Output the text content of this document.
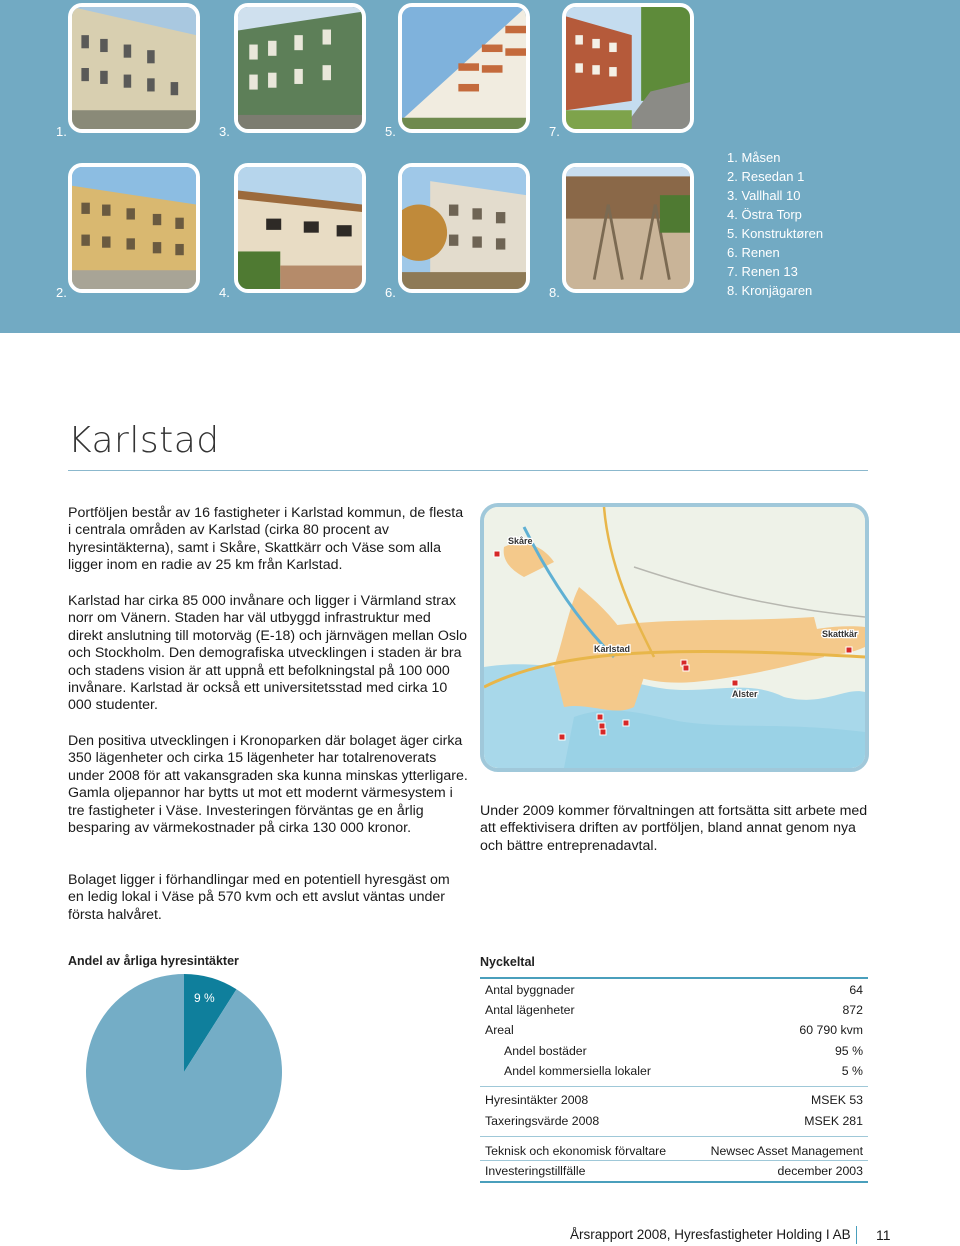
1.	3.	5.	7.
2.	4.	6.	8.
1. Måsen
2. Resedan 1
3. Vallhall 10
4. Östra Torp
5. Konstruktøren
6. Renen
7. Renen 13
8. Kronjägaren
Karlstad

Portföljen består av 16 fastigheter i Karlstad kommun, de flesta i centrala områden av Karlstad (cirka 80 procent av hyresintäkterna), samt i Skåre, Skattkärr och Väse som alla ligger inom en radie av 25 km från Karlstad.

Karlstad har cirka 85 000 invånare och ligger i Värmland strax norr om Vänern. Staden har väl utbyggd infrastruktur med direkt anslutning till motorväg (E-18) och järnvägen mellan Oslo och Stockholm. Den demografiska utvecklingen i staden är bra och stadens vision är att uppnå ett befolkningstal på 100 000 invånare. Karlstad är också ett universitetsstad med cirka 10 000 studenter.

Den positiva utvecklingen i Kronoparken där bolaget äger cirka 350 lägenheter och cirka 15 lägenheter har totalrenoverats under 2008 för att vakansgraden ska kunna minskas ytterligare. Gamla oljepannor har bytts ut mot ett modernt värmesystem i tre fastigheter i Väse. Investeringen förväntas ge en årlig besparing av värmekostnader på cirka 130 000 kronor.

Bolaget ligger i förhandlingar med en potentiell hyresgäst om en ledig lokal i Väse på 570 kvm och ett avslut väntas under första halvåret.

Under 2009 kommer förvaltningen att fortsätta sitt arbete med att effektivisera driften av portföljen, bland annat genom nya och bättre entreprenadavtal.

Skåre
Karlstad
Skattkär
Alster
Andel av årliga hyresintäkter
9 %
Nyckeltal
Antal byggnader	64
Antal lägenheter	872
Areal	60 790 kvm
Andel bostäder	95 %
Andel kommersiella lokaler	5 %
Hyresintäkter 2008	MSEK 53
Taxeringsvärde 2008	MSEK 281
Teknisk och ekonomisk förvaltare	Newsec Asset Management
Investeringstillfälle	december 2003
Årsrapport 2008, Hyresfastigheter Holding I AB 11
